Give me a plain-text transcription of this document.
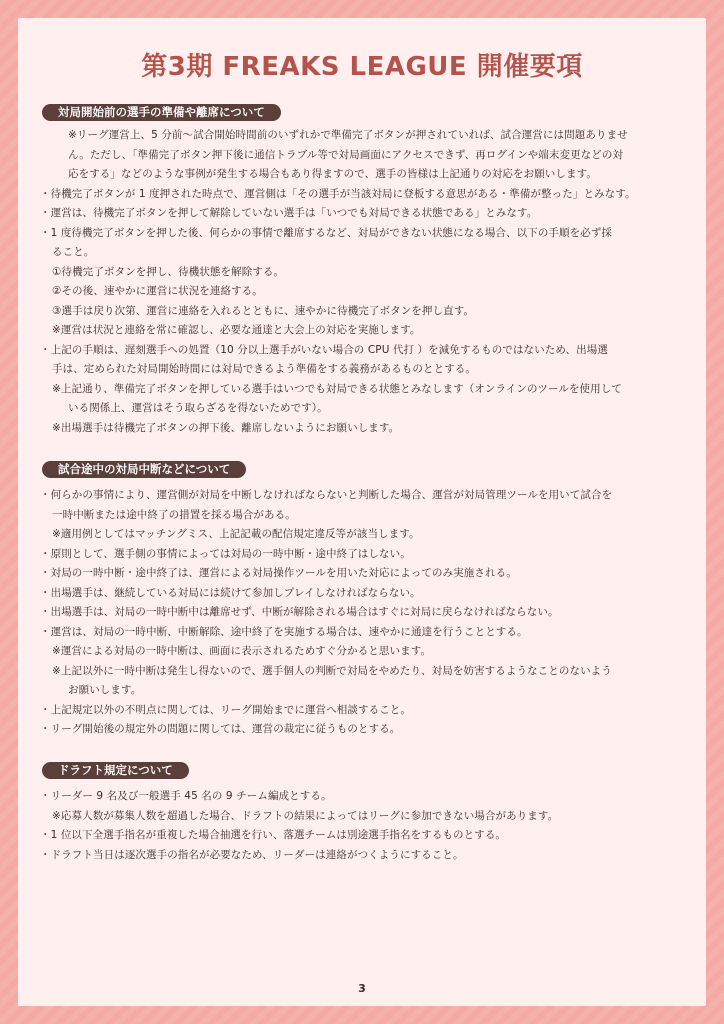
第3期 FREAKS LEAGUE 開催要項
対局開始前の選手の準備や離席について
※リーグ運営上、5 分前〜試合開始時間前のいずれかで準備完了ボタンが押されていれば、試合運営には問題ありませ
ん。ただし、「準備完了ボタン押下後に通信トラブル等で対局画面にアクセスできず、再ログインや端末変更などの対
応をする」などのような事例が発生する場合もあり得ますので、選手の皆様は上記通りの対応をお願いします。
・待機完了ボタンが 1 度押された時点で、運営側は「その選手が当該対局に登板する意思がある・準備が整った」とみなす。
・運営は、待機完了ボタンを押して解除していない選手は「いつでも対局できる状態である」とみなす。
・1 度待機完了ボタンを押した後、何らかの事情で離席するなど、対局ができない状態になる場合、以下の手順を必ず採
ること。
①待機完了ボタンを押し、待機状態を解除する。
②その後、速やかに運営に状況を連絡する。
③選手は戻り次第、運営に連絡を入れるとともに、速やかに待機完了ボタンを押し直す。
※運営は状況と連絡を常に確認し、必要な通達と大会上の対応を実施します。
・上記の手順は、遅刻選手への処置（10 分以上選手がいない場合の CPU 代打 ）を減免するものではないため、出場選
手は、定められた対局開始時間には対局できるよう準備をする義務があるものととする。
※上記通り、準備完了ボタンを押している選手はいつでも対局できる状態とみなします（オンラインのツールを使用して
いる関係上、運営はそう取らざるを得ないためです）。
※出場選手は待機完了ボタンの押下後、離席しないようにお願いします。
試合途中の対局中断などについて
・何らかの事情により、運営側が対局を中断しなければならないと判断した場合、運営が対局管理ツールを用いて試合を
一時中断または途中終了の措置を採る場合がある。
※適用例としてはマッチングミス、上記記載の配信規定違反等が該当します。
・原則として、選手側の事情によっては対局の一時中断・途中終了はしない。
・対局の一時中断・途中終了は、運営による対局操作ツールを用いた対応によってのみ実施される。
・出場選手は、継続している対局には続けて参加しプレイしなければならない。
・出場選手は、対局の一時中断中は離席せず、中断が解除される場合はすぐに対局に戻らなければならない。
・運営は、対局の一時中断、中断解除、途中終了を実施する場合は、速やかに通達を行うこととする。
※運営による対局の一時中断は、画面に表示されるためすぐ分かると思います。
※上記以外に一時中断は発生し得ないので、選手個人の判断で対局をやめたり、対局を妨害するようなことのないよう
お願いします。
・上記規定以外の不明点に関しては、リーグ開始までに運営へ相談すること。
・リーグ開始後の規定外の問題に関しては、運営の裁定に従うものとする。
ドラフト規定について
・リーダー 9 名及び一般選手 45 名の 9 チーム編成とする。
※応募人数が募集人数を超過した場合、ドラフトの結果によってはリーグに参加できない場合があります。
・1 位以下全選手指名が重複した場合抽選を行い、落選チームは別途選手指名をするものとする。
・ドラフト当日は逐次選手の指名が必要なため、リーダーは連絡がつくようにすること。
3
